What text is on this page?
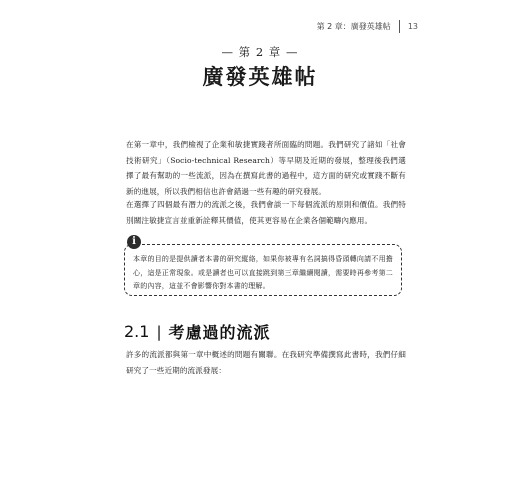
第 2 章：廣發英雄帖 13
— 第 2 章 —
廣發英雄帖

在第一章中，我們檢視了企業和敏捷實踐者所面臨的問題。我們研究了諸如「社會技術研究」（Socio-technical Research）等早期及近期的發展，整理後我們選擇了最有幫助的一些流派，因為在撰寫此書的過程中，這方面的研究或實踐不斷有新的進展，所以我們相信也許會錯過一些有趣的研究發展。

在選擇了四個最有潛力的流派之後，我們會談一下每個流派的原則和價值。我們特別關注敏捷宣言並重新詮釋其價值，使其更容易在企業各個範疇內應用。

本章的目的是提供讀者本書的研究縱絡，如果你被專有名詞搞得昏頭轉向請不用擔心，這是正常現象。或是讀者也可以直接跳到第三章繼續閱讀，需要時再參考第二章的內容，這並不會影響你對本書的理解。

i
2.1 | 考慮過的流派

許多的流派都與第一章中概述的問題有關聯。在我研究準備撰寫此書時，我們仔細研究了一些近期的流派發展：
